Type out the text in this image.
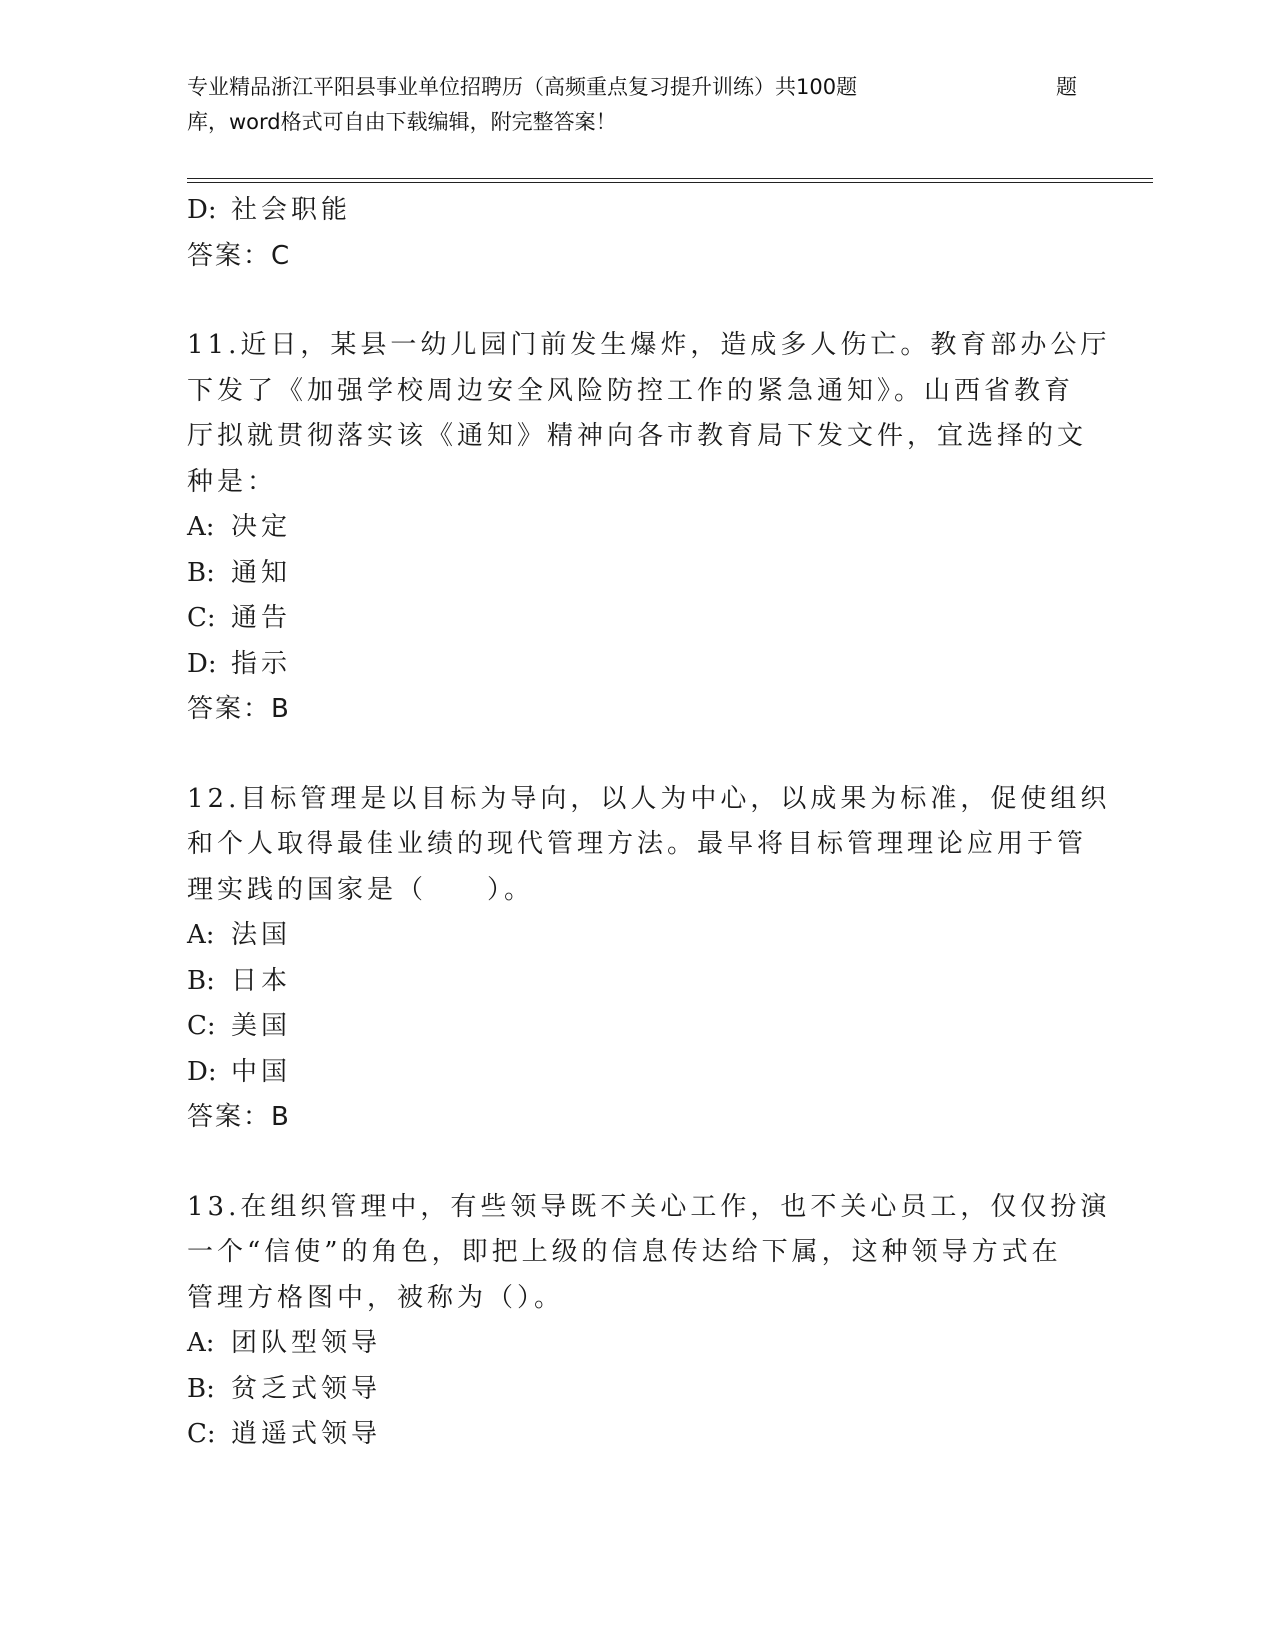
专业精品浙江平阳县事业单位招聘历（高频重点复习提升训练）共100题	题
库，word格式可自由下载编辑，附完整答案！
D: 社会职能
答案：C
11.近日，某县一幼儿园门前发生爆炸，造成多人伤亡。教育部办公厅
下发了《加强学校周边安全风险防控工作的紧急通知》。山西省教育
厅拟就贯彻落实该《通知》精神向各市教育局下发文件，宜选择的文
种是：
A: 决定
B: 通知
C: 通告
D: 指示
答案：B
12.目标管理是以目标为导向，以人为中心，以成果为标准，促使组织
和个人取得最佳业绩的现代管理方法。最早将目标管理理论应用于管
理实践的国家是（　　）。
A: 法国
B: 日本
C: 美国
D: 中国
答案：B
13.在组织管理中，有些领导既不关心工作，也不关心员工，仅仅扮演
一个“信使”的角色，即把上级的信息传达给下属，这种领导方式在
管理方格图中，被称为（）。
A: 团队型领导
B: 贫乏式领导
C: 逍遥式领导
